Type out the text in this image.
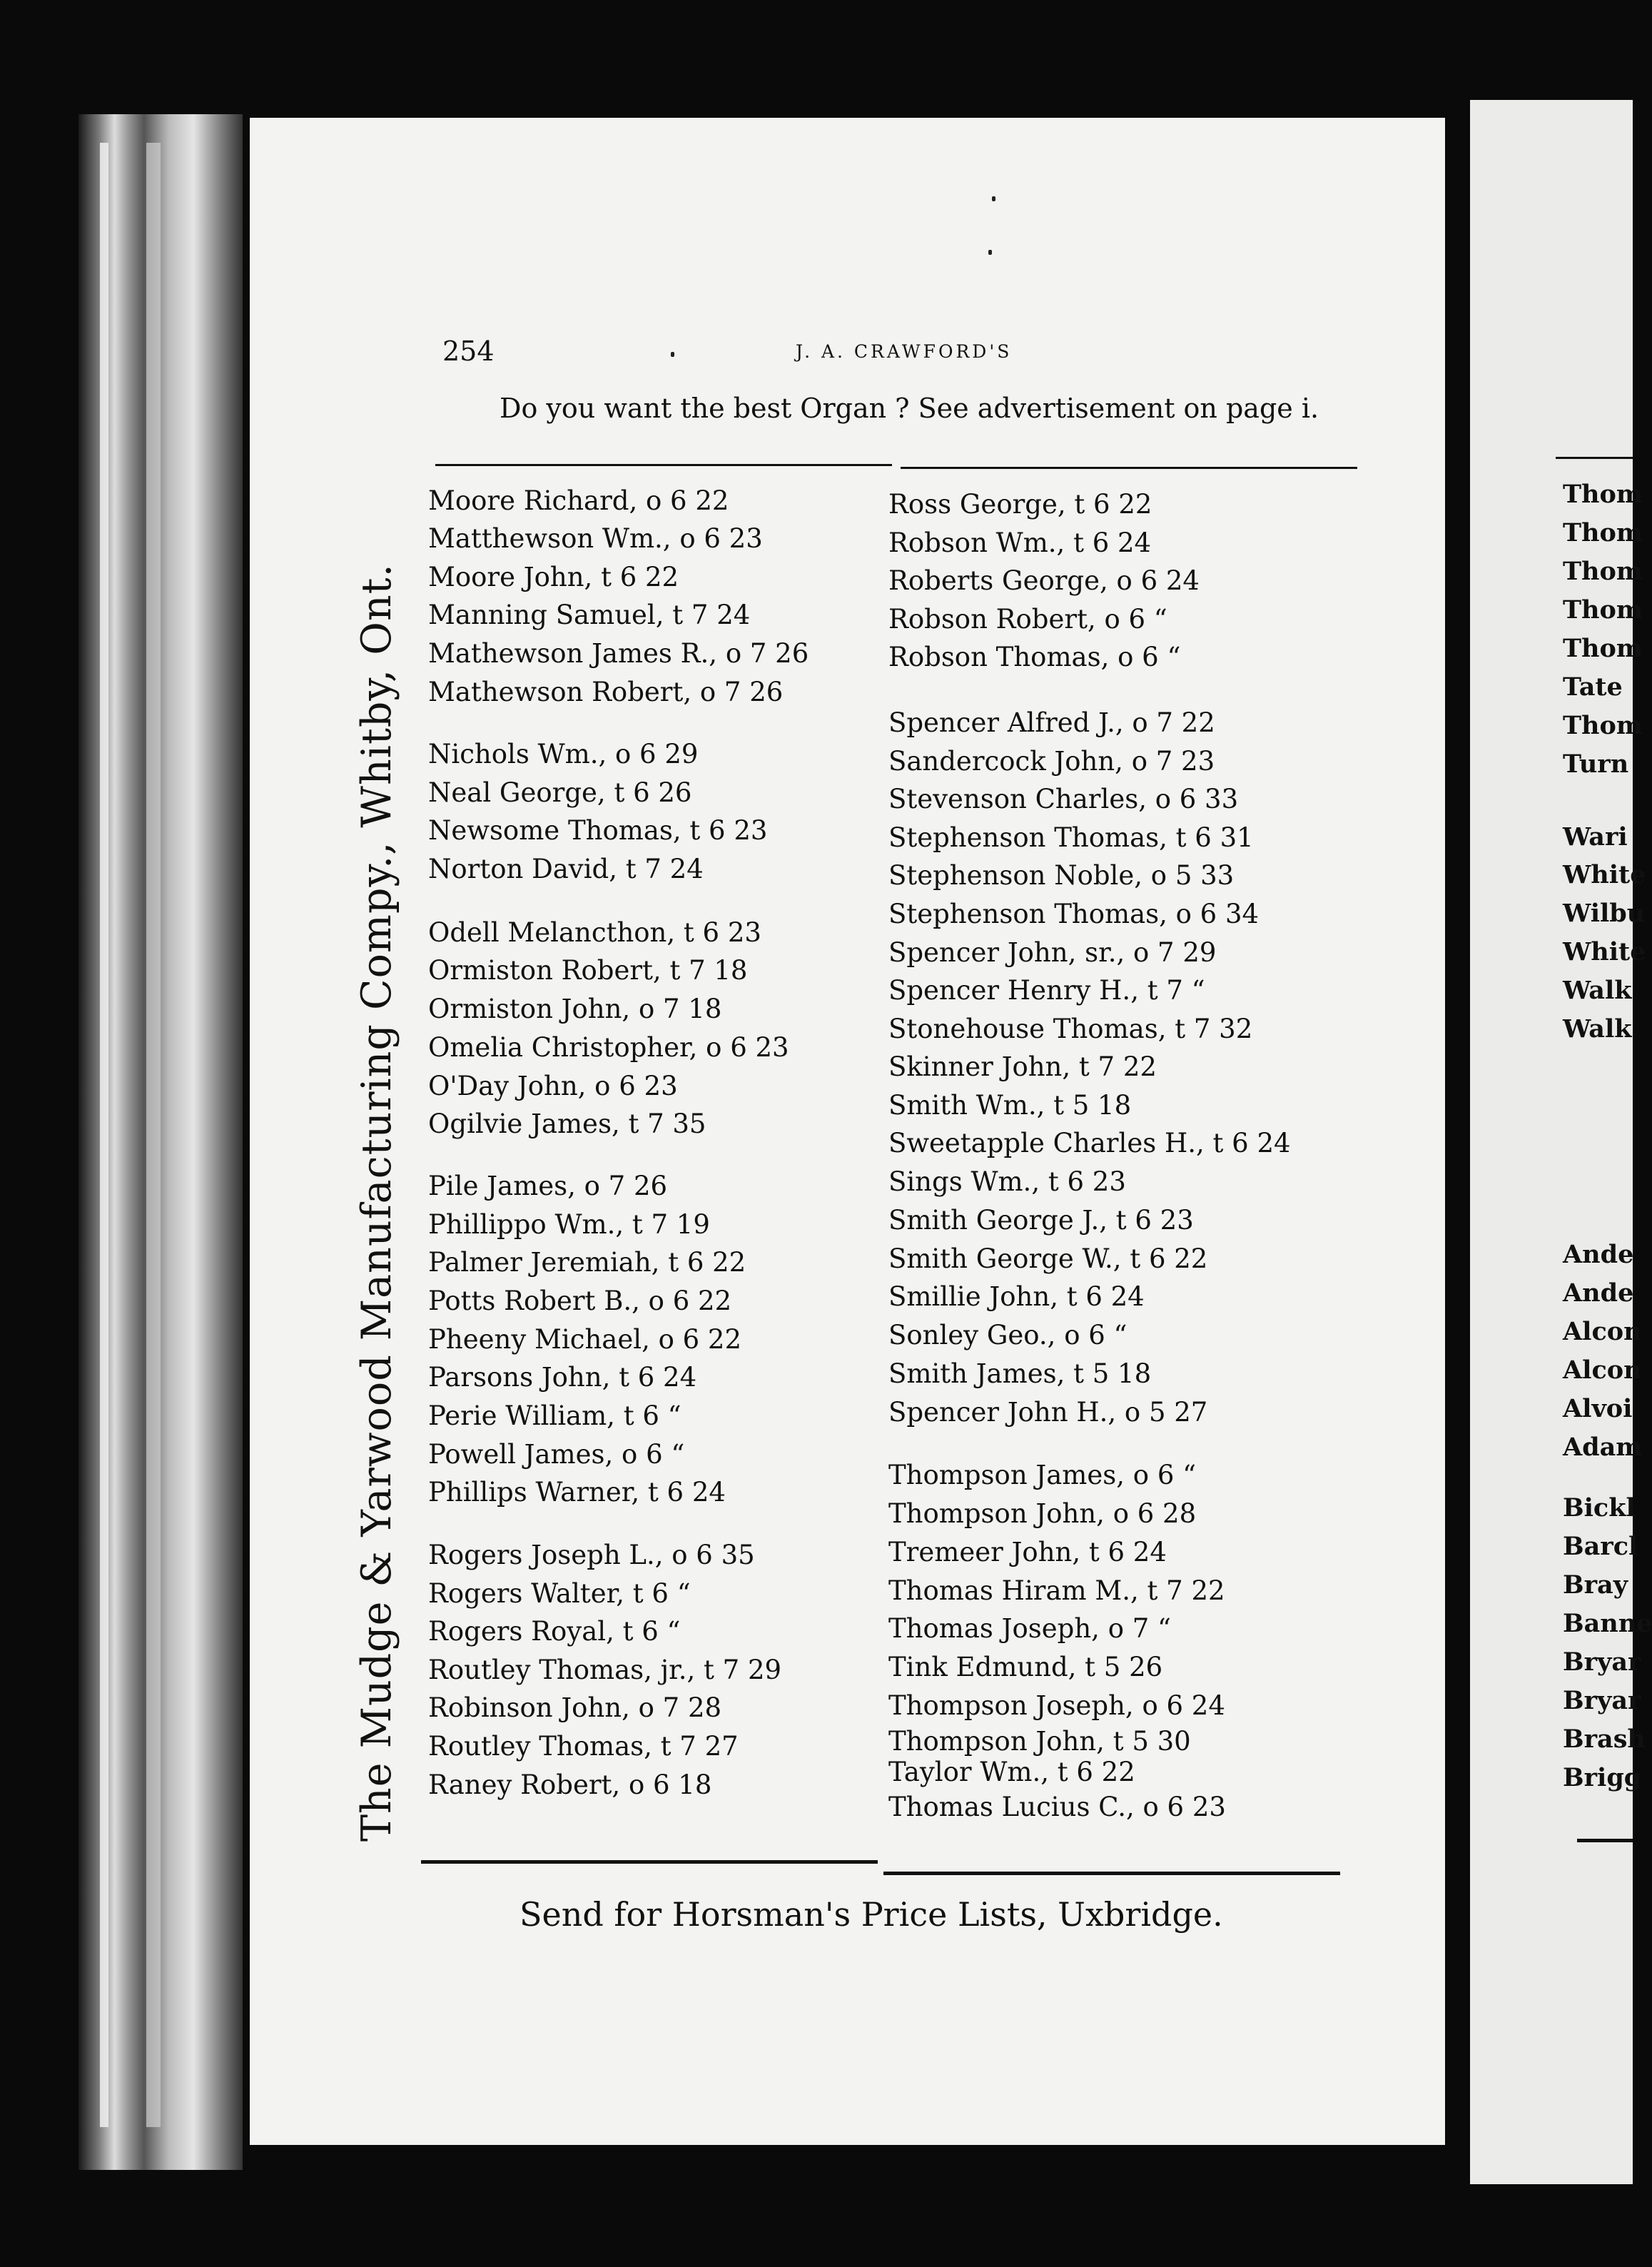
254	J. A. CRAWFORD'S
Do you want the best Organ ? See advertisement on page i.
The Mudge & Yarwood Manufacturing Compy., Whitby, Ont.
Moore Richard, o 6 22
Matthewson Wm., o 6 23
Moore John, t 6 22
Manning Samuel, t 7 24
Mathewson James R., o 7 26
Mathewson Robert, o 7 26
Nichols Wm., o 6 29
Neal George, t 6 26
Newsome Thomas, t 6 23
Norton David, t 7 24
Odell Melancthon, t 6 23
Ormiston Robert, t 7 18
Ormiston John, o 7 18
Omelia Christopher, o 6 23
O'Day John, o 6 23
Ogilvie James, t 7 35
Pile James, o 7 26
Phillippo Wm., t 7 19
Palmer Jeremiah, t 6 22
Potts Robert B., o 6 22
Pheeny Michael, o 6 22
Parsons John, t 6 24
Perie William, t 6 “
Powell James, o 6 “
Phillips Warner, t 6 24
Rogers Joseph L., o 6 35
Rogers Walter, t 6 “
Rogers Royal, t 6 “
Routley Thomas, jr., t 7 29
Robinson John, o 7 28
Routley Thomas, t 7 27
Raney Robert, o 6 18
Ross George, t 6 22
Robson Wm., t 6 24
Roberts George, o 6 24
Robson Robert, o 6 “
Robson Thomas, o 6 “
Spencer Alfred J., o 7 22
Sandercock John, o 7 23
Stevenson Charles, o 6 33
Stephenson Thomas, t 6 31
Stephenson Noble, o 5 33
Stephenson Thomas, o 6 34
Spencer John, sr., o 7 29
Spencer Henry H., t 7 “
Stonehouse Thomas, t 7 32
Skinner John, t 7 22
Smith Wm., t 5 18
Sweetapple Charles H., t 6 24
Sings Wm., t 6 23
Smith George J., t 6 23
Smith George W., t 6 22
Smillie John, t 6 24
Sonley Geo., o 6 “
Smith James, t 5 18
Spencer John H., o 5 27
Thompson James, o 6 “
Thompson John, o 6 28
Tremeer John, t 6 24
Thomas Hiram M., t 7 22
Thomas Joseph, o 7 “
Tink Edmund, t 5 26
Thompson Joseph, o 6 24
Thompson John, t 5 30
Taylor Wm., t 6 22
Thomas Lucius C., o 6 23
Send for Horsman's Price Lists, Uxbridge.
Thom
Thom
Thom
Thom
Thom
Tate
Thom
Turn
Wari
White
Wilbu
White
Walk
Walk
Ande
Ande
Alcon
Alcon
Alvoi
Adam
Bickl
Barcl
Bray
Banne
Bryar
Bryar
Brash
Brigg
